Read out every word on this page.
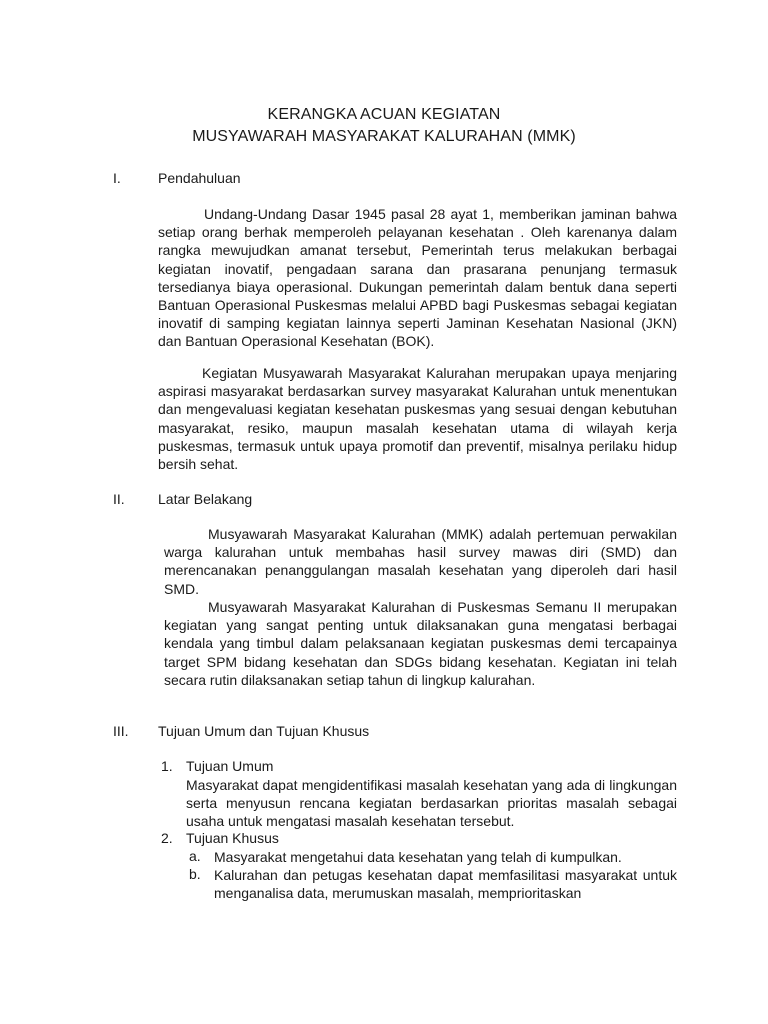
KERANGKA ACUAN KEGIATAN
MUSYAWARAH MASYARAKAT KALURAHAN (MMK)
I.	Pendahuluan
Undang-Undang Dasar 1945 pasal 28 ayat 1, memberikan jaminan bahwa setiap orang berhak memperoleh pelayanan kesehatan . Oleh karenanya dalam rangka mewujudkan amanat tersebut, Pemerintah terus melakukan berbagai kegiatan inovatif, pengadaan sarana dan prasarana penunjang termasuk tersedianya biaya operasional. Dukungan pemerintah dalam bentuk dana seperti Bantuan Operasional Puskesmas melalui APBD bagi Puskesmas sebagai kegiatan inovatif di samping kegiatan lainnya seperti Jaminan Kesehatan Nasional (JKN) dan Bantuan Operasional Kesehatan (BOK).
Kegiatan Musyawarah Masyarakat Kalurahan merupakan upaya menjaring aspirasi masyarakat berdasarkan survey masyarakat Kalurahan untuk menentukan dan mengevaluasi kegiatan kesehatan puskesmas yang sesuai dengan kebutuhan masyarakat, resiko, maupun masalah kesehatan utama di wilayah kerja puskesmas, termasuk untuk upaya promotif dan preventif, misalnya perilaku hidup bersih sehat.
II. Latar Belakang
Musyawarah Masyarakat Kalurahan (MMK) adalah pertemuan perwakilan warga kalurahan untuk membahas hasil survey mawas diri (SMD) dan merencanakan penanggulangan masalah kesehatan yang diperoleh dari hasil SMD.
Musyawarah Masyarakat Kalurahan di Puskesmas Semanu II merupakan kegiatan yang sangat penting untuk dilaksanakan guna mengatasi berbagai kendala yang timbul dalam pelaksanaan kegiatan puskesmas demi tercapainya target SPM bidang kesehatan dan SDGs bidang kesehatan. Kegiatan ini telah secara rutin dilaksanakan setiap tahun di lingkup kalurahan.
III. Tujuan Umum dan Tujuan Khusus
1. Tujuan Umum
Masyarakat dapat mengidentifikasi masalah kesehatan yang ada di lingkungan serta menyusun rencana kegiatan berdasarkan prioritas masalah sebagai usaha untuk mengatasi masalah kesehatan tersebut.
2. Tujuan Khusus
a. Masyarakat mengetahui data kesehatan yang telah di kumpulkan.
b. Kalurahan dan petugas kesehatan dapat memfasilitasi masyarakat untuk menganalisa data, merumuskan masalah, memprioritaskan
